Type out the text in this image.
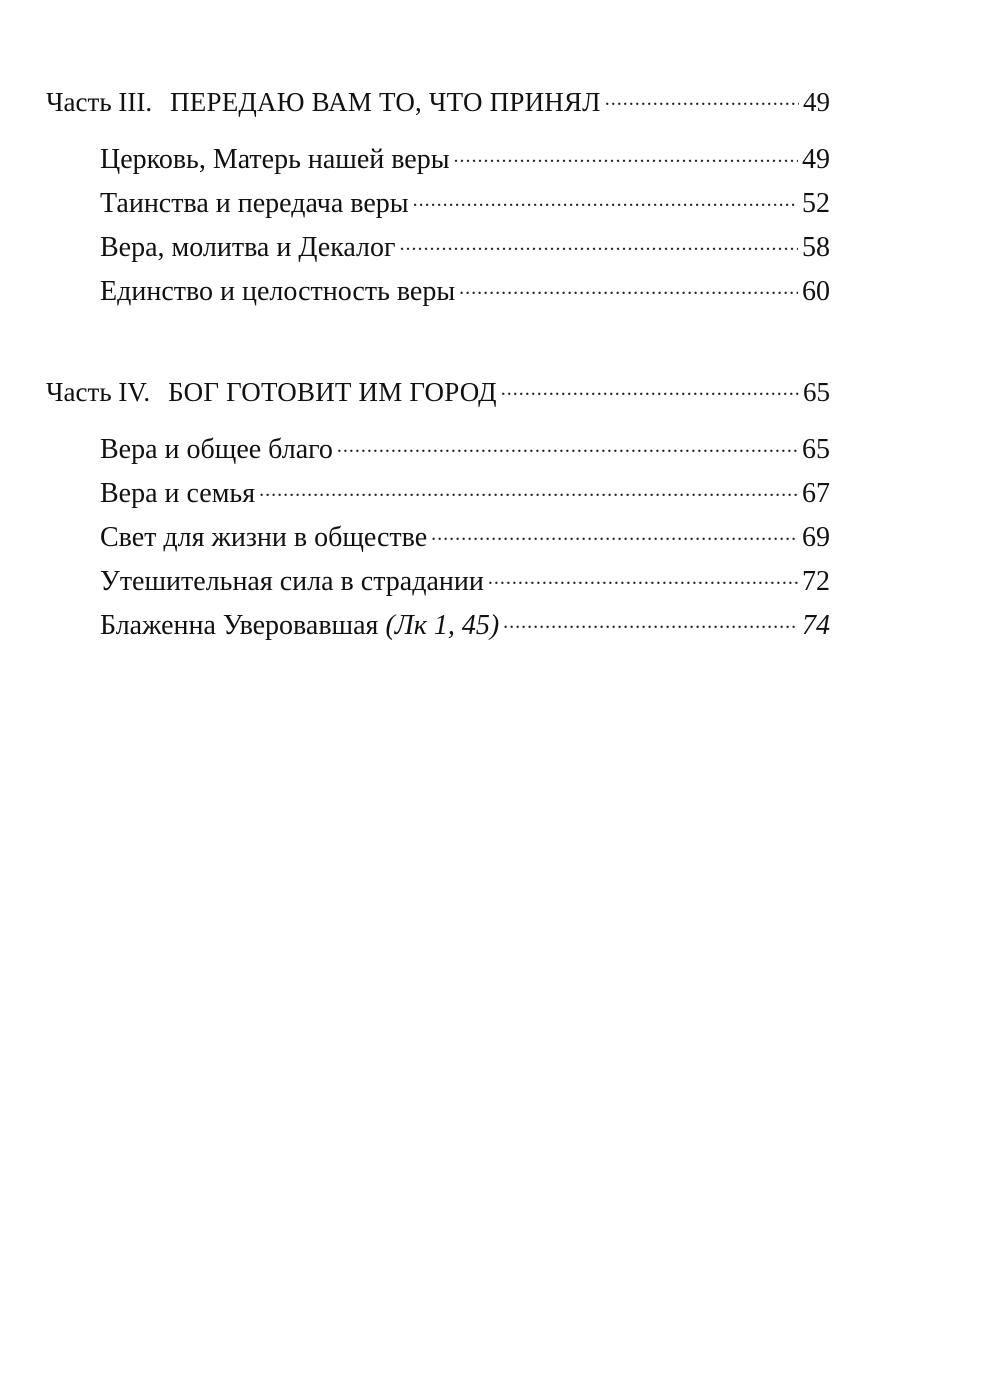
Часть III. ПЕРЕДАЮ ВАМ ТО, ЧТО ПРИНЯЛ .....	49
Церковь, Матерь нашей веры .....	49
Таинства и передача веры .....	52
Вера, молитва и Декалог .....	58
Единство и целостность веры .....	60
Часть IV. БОГ ГОТОВИТ ИМ ГОРОД .....	65
Вера и общее благо .....	65
Вера и семья .....	67
Свет для жизни в обществе .....	69
Утешительная сила в страдании .....	72
Блаженна Уверовавшая (Лк 1, 45) .....	74
